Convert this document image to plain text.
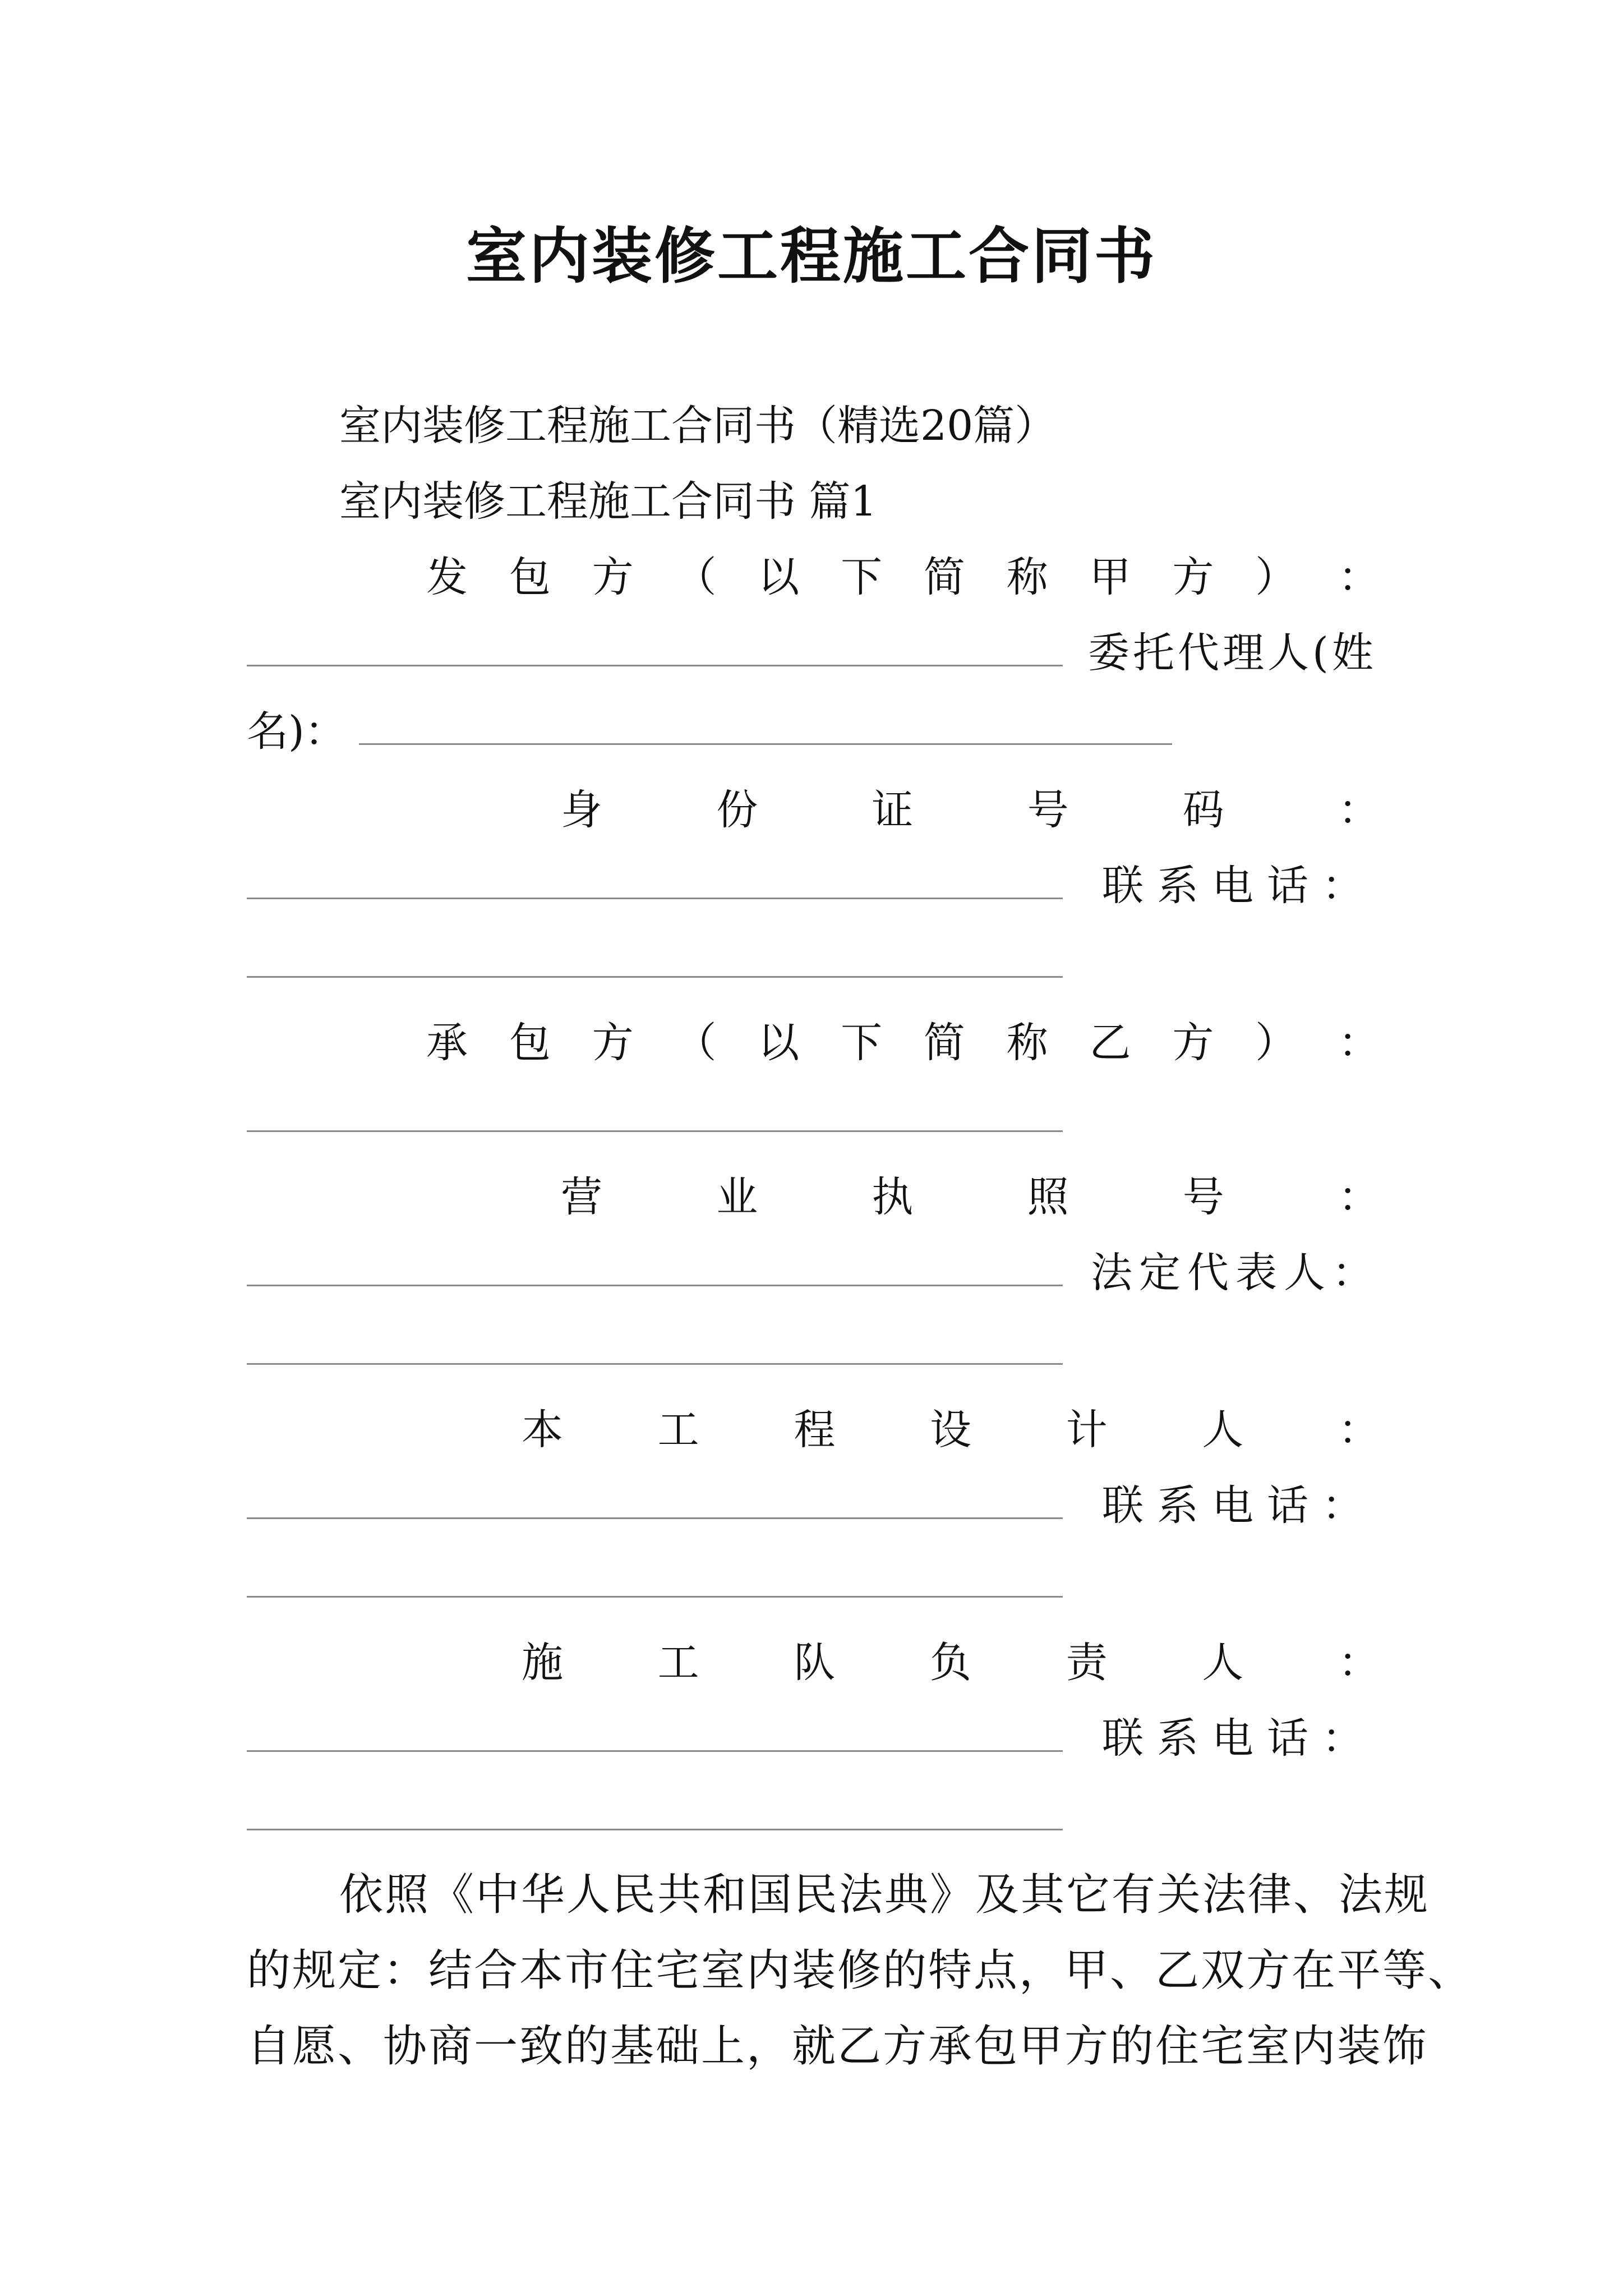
室内装修工程施工合同书
室内装修工程施工合同书（精选20篇）
室内装修工程施工合同书 篇1
发 包 方 （ 以 下 简 称 甲 方 ） ：
委托代理人(姓
名)：
身	份	证	号	码	：
联系电话：
承 包 方 （ 以 下 简 称 乙 方 ） ：
营	业	执	照	号	：
法定代表人：
本 工 程 设 计 人 ：
联系电话：
施 工 队 负 责 人 ：
联系电话：
依照《中华人民共和国民法典》及其它有关法律、法规
的规定：结合本市住宅室内装修的特点，甲、乙双方在平等、
自愿、协商一致的基础上，就乙方承包甲方的住宅室内装饰
